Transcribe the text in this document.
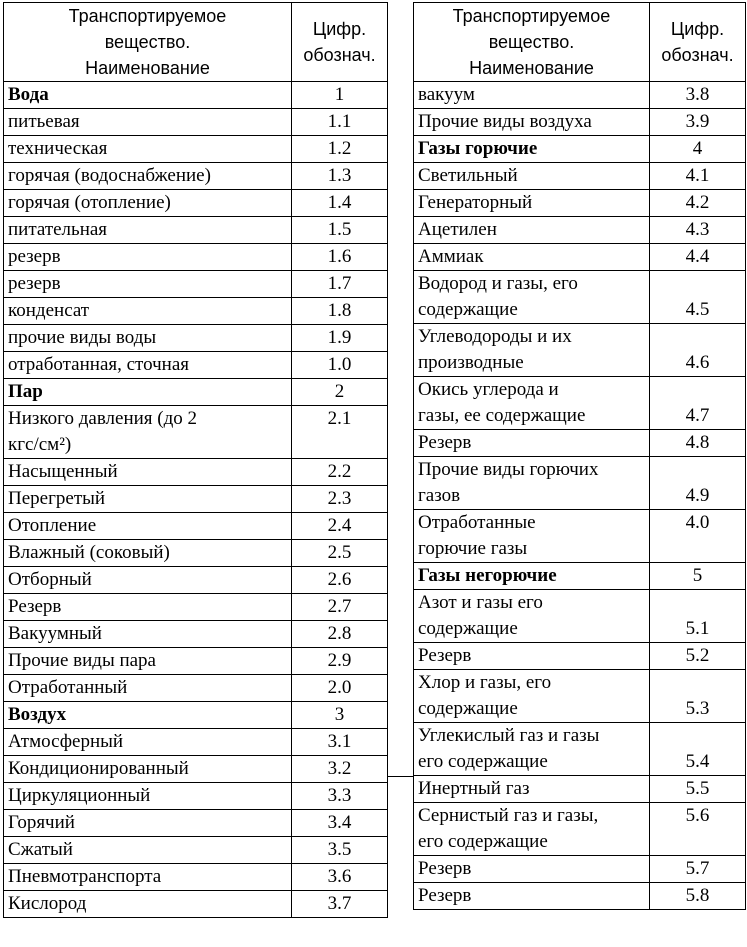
Транспортируемое
вещество.
Наименование	Цифр.
обознач.
Вода	1
питьевая	1.1
техническая	1.2
горячая (водоснабжение)	1.3
горячая (отопление)	1.4
питательная	1.5
резерв	1.6
резерв	1.7
конденсат	1.8
прочие виды воды	1.9
отработанная, сточная	1.0
Пар	2
Низкого давления (до 2
кгс/см²)	2.1
Насыщенный	2.2
Перегретый	2.3
Отопление	2.4
Влажный (соковый)	2.5
Отборный	2.6
Резерв	2.7
Вакуумный	2.8
Прочие виды пара	2.9
Отработанный	2.0
Воздух	3
Атмосферный	3.1
Кондиционированный	3.2
Циркуляционный	3.3
Горячий	3.4
Сжатый	3.5
Пневмотранспорта	3.6
Кислород	3.7
Транспортируемое
вещество.
Наименование	Цифр.
обознач.
вакуум	3.8
Прочие виды воздуха	3.9
Газы горючие	4
Светильный	4.1
Генераторный	4.2
Ацетилен	4.3
Аммиак	4.4
Водород и газы, его
содержащие	4.5
Углеводороды и их
производные	4.6
Окись углерода и
газы, ее содержащие	4.7
Резерв	4.8
Прочие виды горючих
газов	4.9
Отработанные
горючие газы	4.0
Газы негорючие	5
Азот и газы его
содержащие	5.1
Резерв	5.2
Хлор и газы, его
содержащие	5.3
Углекислый газ и газы
его содержащие	5.4
Инертный газ	5.5
Сернистый газ и газы,
его содержащие	5.6
Резерв	5.7
Резерв	5.8
